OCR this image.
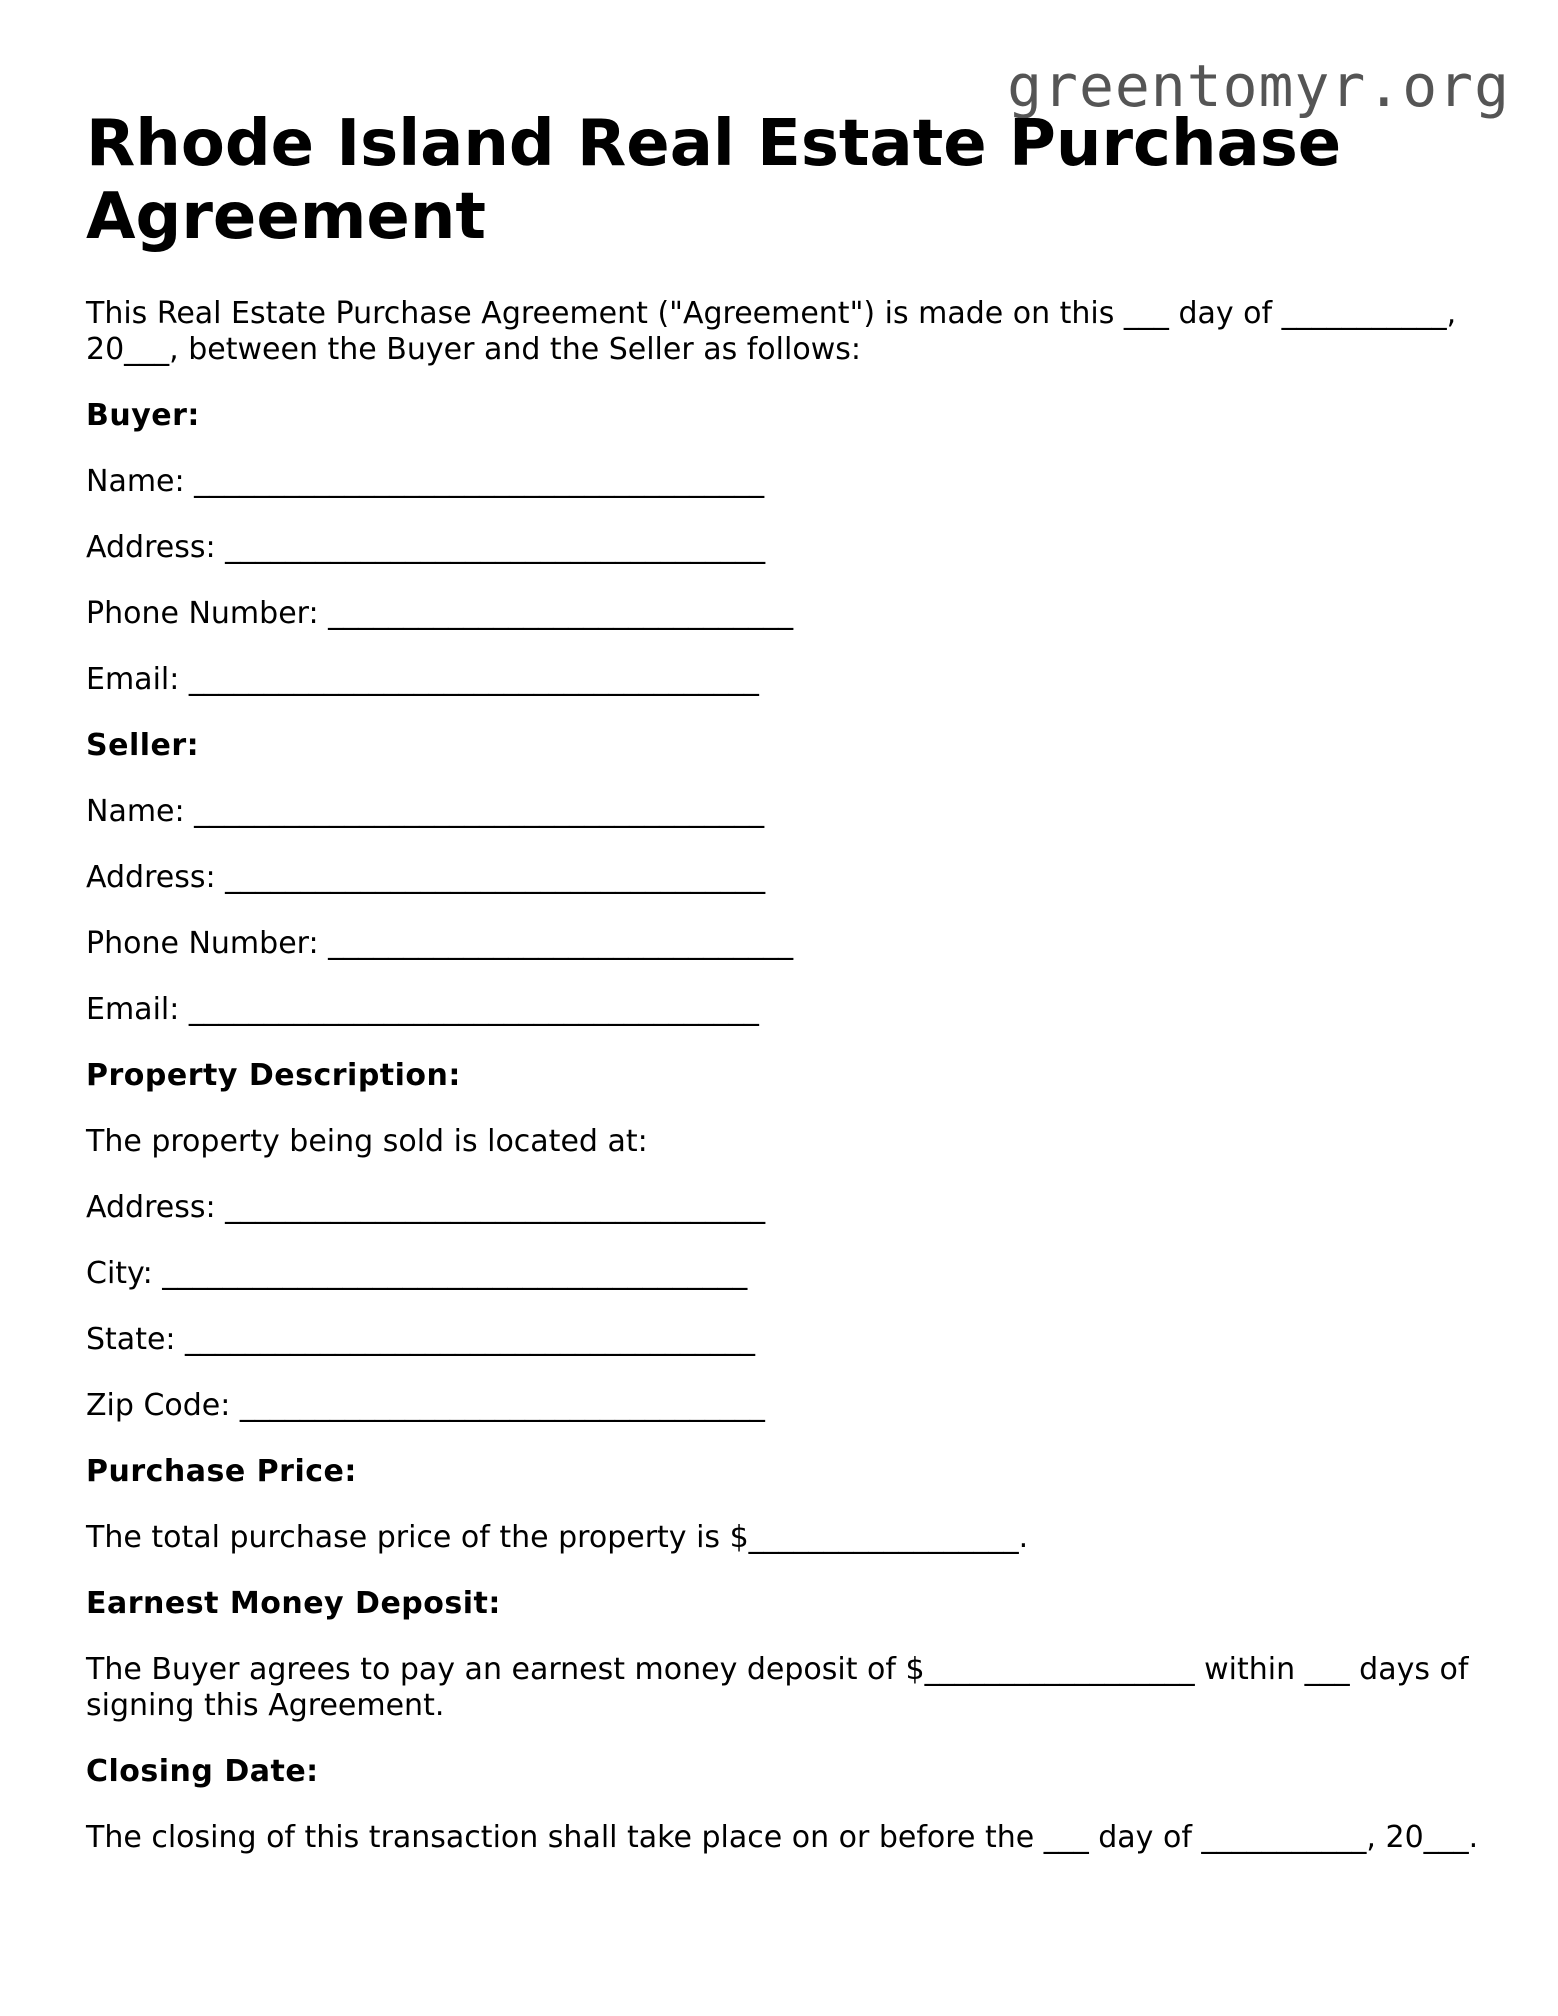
greentomyr.org
Rhode Island Real Estate Purchase Agreement

This Real Estate Purchase Agreement ("Agreement") is made on this ___ day of ___________, 20___, between the Buyer and the Seller as follows:

Buyer:
Name: ______________________________________
Address: ____________________________________
Phone Number: _______________________________
Email: ______________________________________
Seller:
Name: ______________________________________
Address: ____________________________________
Phone Number: _______________________________
Email: ______________________________________
Property Description:
The property being sold is located at:
Address: ____________________________________
City: _______________________________________
State: ______________________________________
Zip Code: ___________________________________
Purchase Price:

The total purchase price of the property is $__________________.

Earnest Money Deposit:

The Buyer agrees to pay an earnest money deposit of $__________________ within ___ days of signing this Agreement.

Closing Date:

The closing of this transaction shall take place on or before the ___ day of ___________, 20___.
